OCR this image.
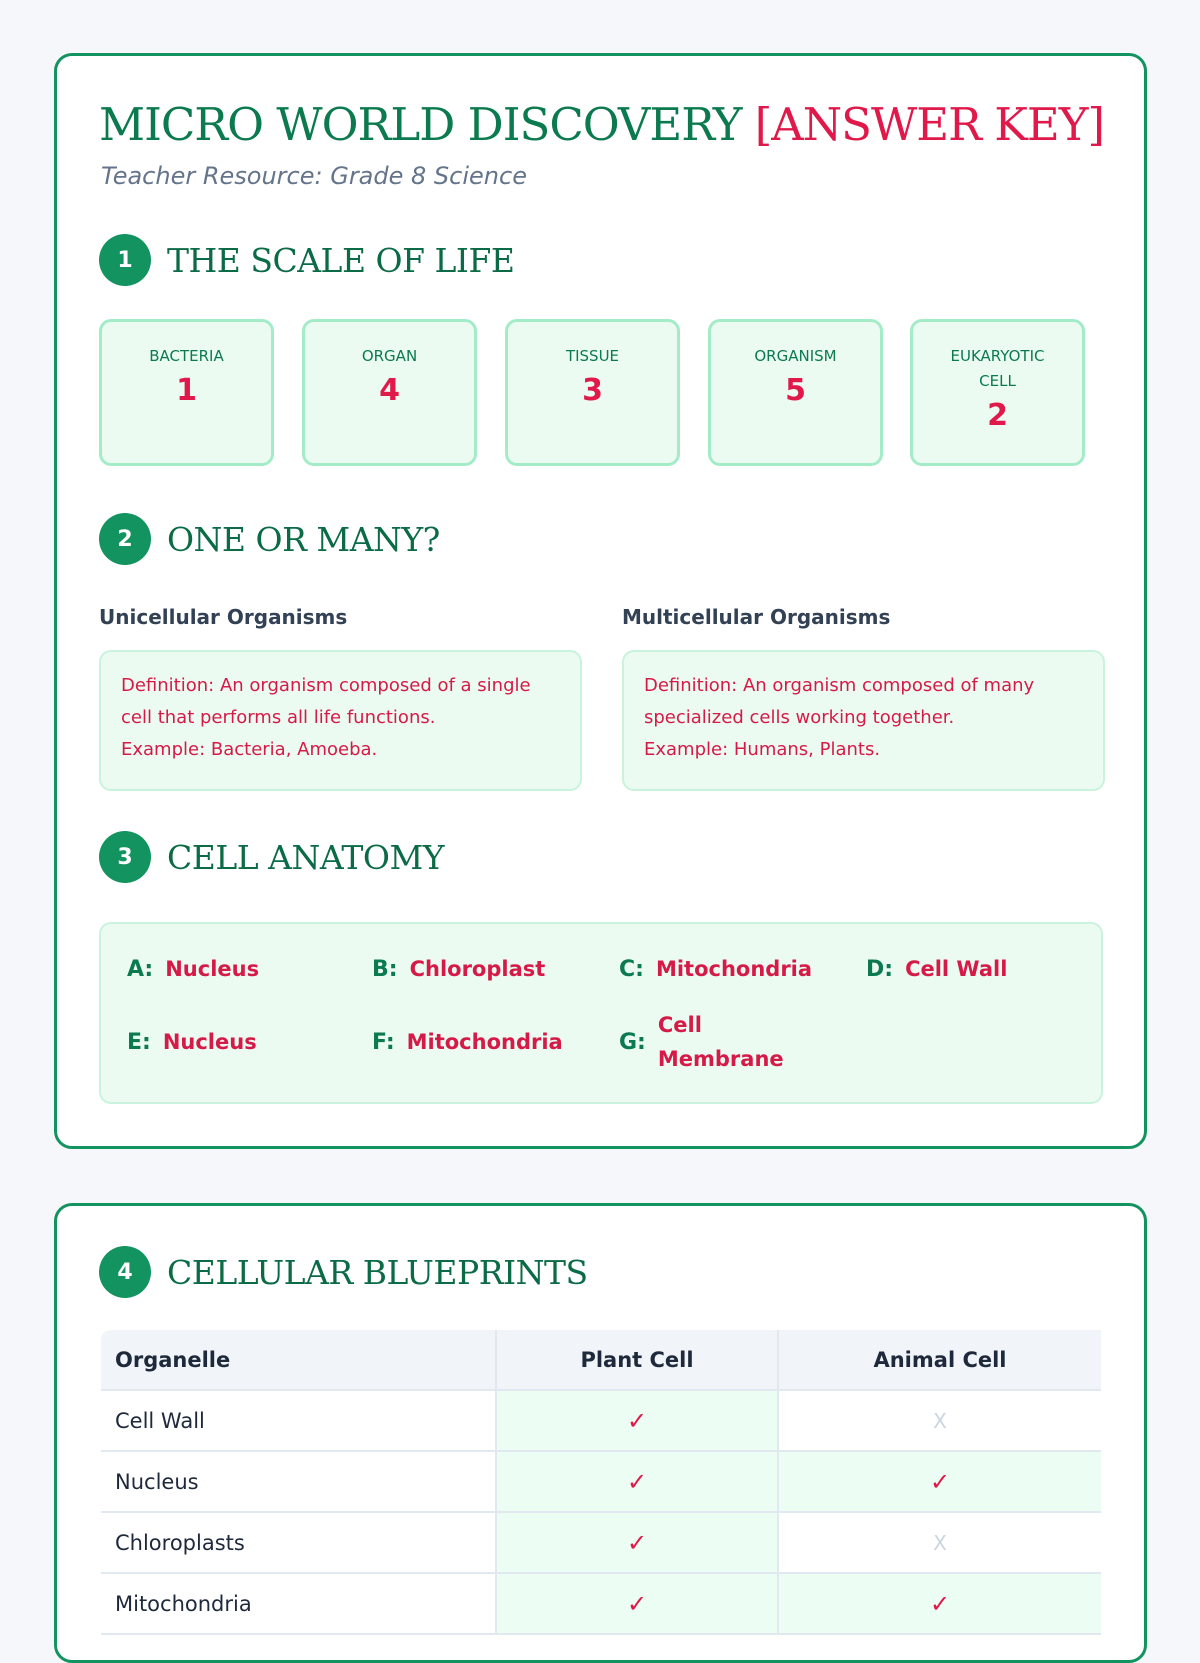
MICRO WORLD DISCOVERY [ANSWER KEY]
Teacher Resource: Grade 8 Science
1	THE SCALE OF LIFE
BACTERIA
1
ORGAN
4
TISSUE
3
ORGANISM
5
EUKARYOTIC CELL
2
2	ONE OR MANY?
Unicellular Organisms	Multicellular Organisms
Definition: An organism composed of a single cell that performs all life functions.
Example: Bacteria, Amoeba.
Definition: An organism composed of many specialized cells working together.
Example: Humans, Plants.
3	CELL ANATOMY
A: Nucleus	B: Chloroplast	C: Mitochondria D: Cell Wall
E: Nucleus	F: Mitochondria	G:
Cell Membrane
4	CELLULAR BLUEPRINTS
Organelle	Plant Cell	Animal Cell
Cell Wall	✓	X
Nucleus	✓	✓
Chloroplasts	✓	X
Mitochondria	✓	✓
